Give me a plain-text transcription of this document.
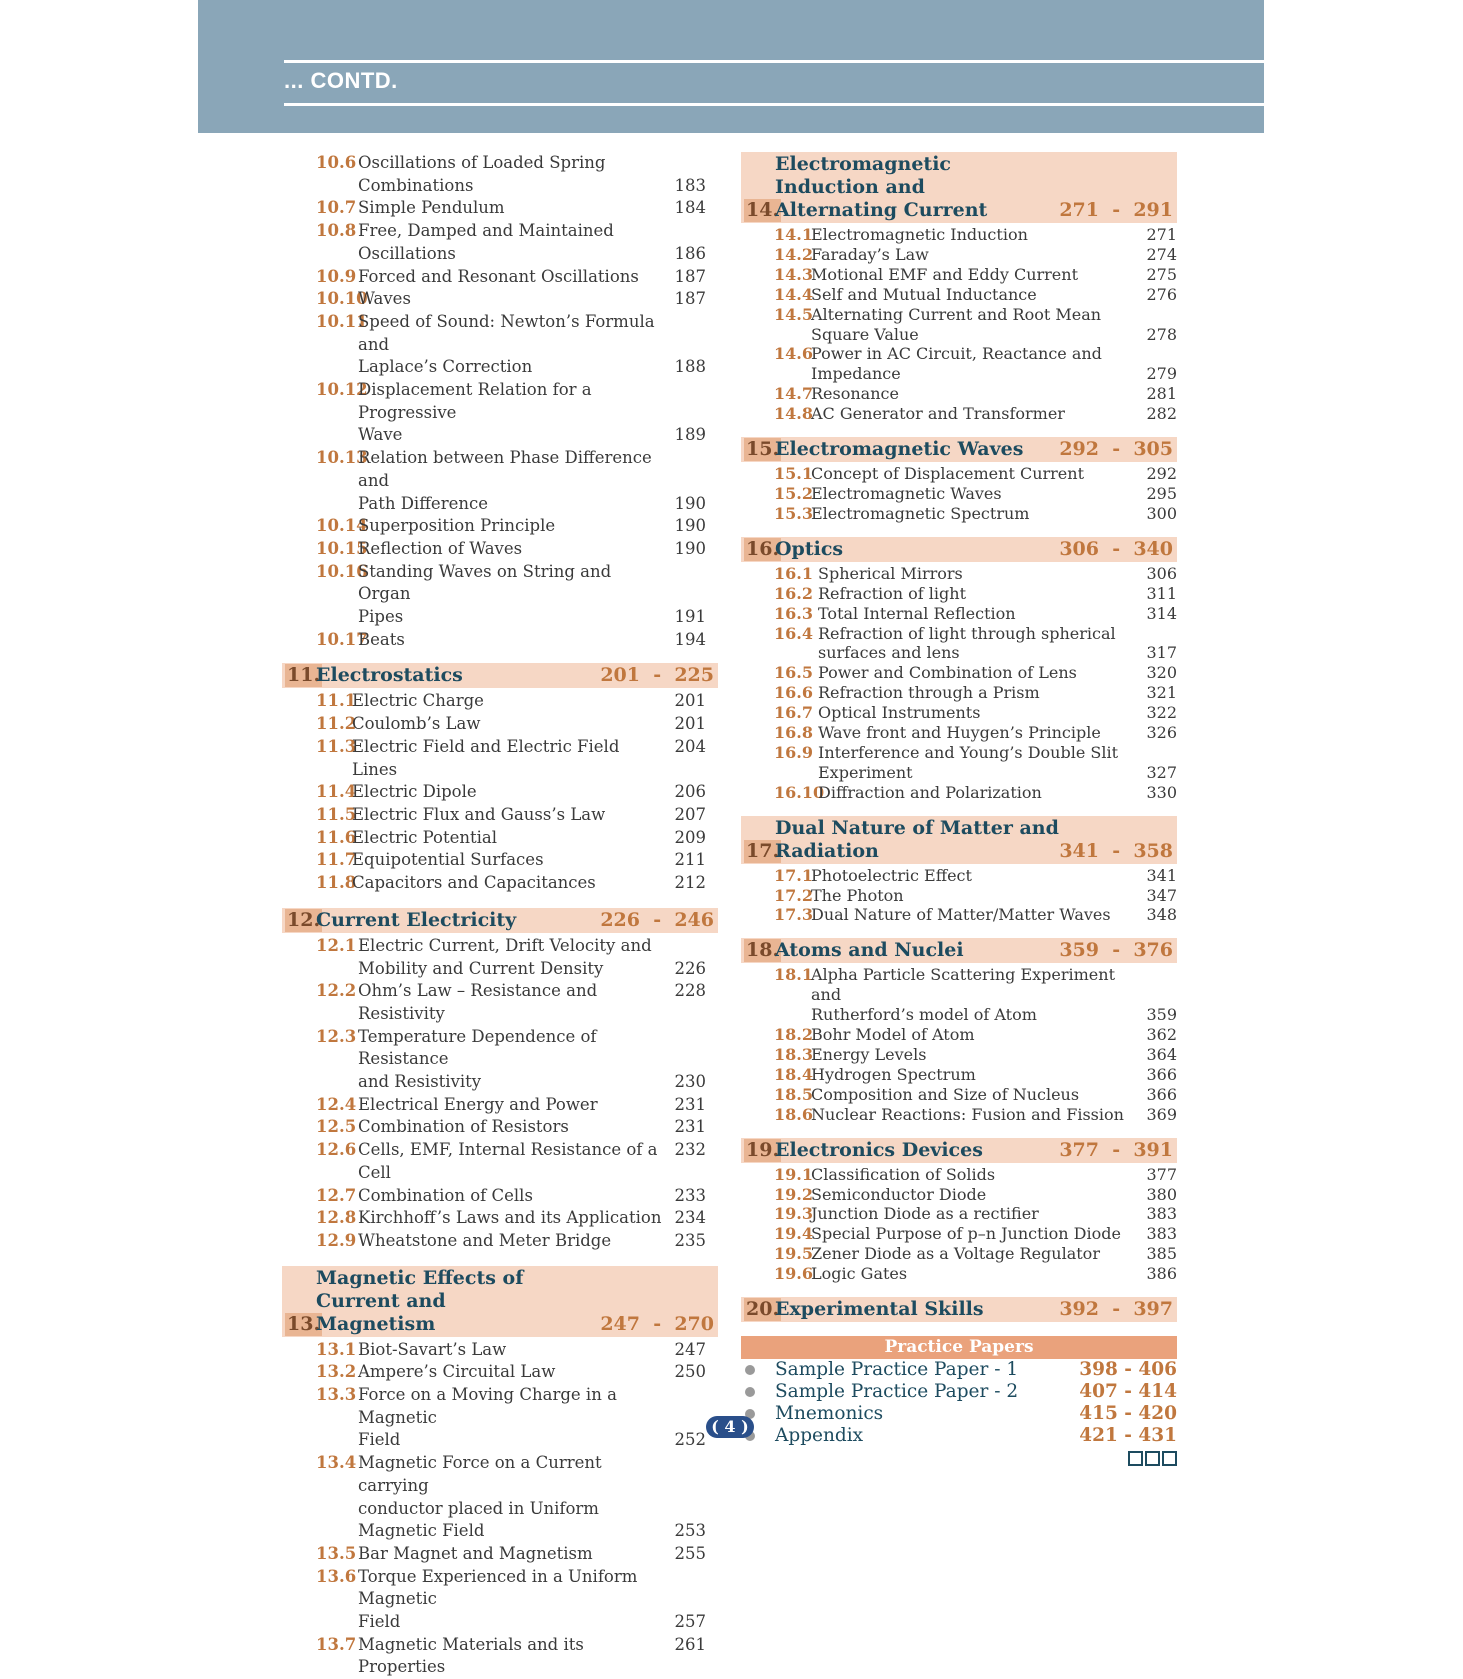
... CONTD.
10.6 Oscillations of Loaded Spring
Combinations	183
10.7 Simple Pendulum	184
10.8 Free, Damped and Maintained
Oscillations	186
10.9 Forced and Resonant Oscillations	187
10.10
Waves	187
10.11
Speed of Sound: Newton’s Formula and
Laplace’s Correction	188
10.12
Displacement Relation for a Progressive
Wave	189
10.13
Relation between Phase Difference and
Path Difference	190
10.14
Superposition Principle	190
10.15
Reflection of Waves	190
10.16
Standing Waves on String and Organ
Pipes	191
10.17
Beats	194
11.
Electrostatics	201  -  225
11.1
Electric Charge	201
11.2
Coulomb’s Law	201
11.3
Electric Field and Electric Field Lines
204
11.4
Electric Dipole	206
11.5
Electric Flux and Gauss’s Law	207
11.6
Electric Potential	209
11.7
Equipotential Surfaces	211
11.8
Capacitors and Capacitances	212
12.
Current Electricity	226  -  246
12.1 Electric Current, Drift Velocity and
Mobility and Current Density	226
12.2 Ohm’s Law – Resistance and Resistivity
228
12.3 Temperature Dependence of Resistance
and Resistivity	230
12.4 Electrical Energy and Power	231
12.5 Combination of Resistors	231
12.6 Cells, EMF, Internal Resistance of a Cell
232
12.7 Combination of Cells	233
12.8 Kirchhoff’s Laws and its Application 234
12.9 Wheatstone and Meter Bridge	235
13.
Magnetic Effects of Current and
Magnetism	247  -  270
13.1 Biot-Savart’s Law	247
13.2 Ampere’s Circuital Law	250
13.3 Force on a Moving Charge in a Magnetic
Field	252
13.4 Magnetic Force on a Current carrying
conductor placed in Uniform
Magnetic Field	253
13.5 Bar Magnet and Magnetism	255
13.6 Torque Experienced in a Uniform Magnetic
Field	257
13.7 Magnetic Materials and its Properties
261
14.
Electromagnetic Induction and
Alternating Current	271  -  291
14.1
Electromagnetic Induction	271
14.2
Faraday’s Law	274
14.3
Motional EMF and Eddy Current	275
14.4
Self and Mutual Inductance	276
14.5
Alternating Current and Root Mean
Square Value	278
14.6
Power in AC Circuit, Reactance and
Impedance	279
14.7
Resonance	281
14.8
AC Generator and Transformer	282
15.
Electromagnetic Waves	292  -  305
15.1
Concept of Displacement Current	292
15.2
Electromagnetic Waves	295
15.3
Electromagnetic Spectrum	300
16.
Optics	306  -  340
16.1 Spherical Mirrors	306
16.2 Refraction of light	311
16.3 Total Internal Reflection	314
16.4 Refraction of light through spherical
surfaces and lens	317
16.5 Power and Combination of Lens	320
16.6 Refraction through a Prism	321
16.7 Optical Instruments	322
16.8 Wave front and Huygen’s Principle	326
16.9 Interference and Young’s Double Slit
Experiment	327
16.10
Diffraction and Polarization	330
17.
Dual Nature of Matter and
Radiation	341  -  358
17.1
Photoelectric Effect	341
17.2
The Photon	347
17.3
Dual Nature of Matter/Matter Waves	348
18.
Atoms and Nuclei	359  -  376
18.1
Alpha Particle Scattering Experiment and
Rutherford’s model of Atom	359
18.2
Bohr Model of Atom	362
18.3
Energy Levels	364
18.4
Hydrogen Spectrum	366
18.5
Composition and Size of Nucleus	366
18.6
Nuclear Reactions: Fusion and Fission	369
19.
Electronics Devices	377  -  391
19.1
Classification of Solids	377
19.2
Semiconductor Diode	380
19.3
Junction Diode as a rectifier	383
19.4
Special Purpose of p–n Junction Diode	383
19.5
Zener Diode as a Voltage Regulator	385
19.6
Logic Gates	386
20.
Experimental Skills	392  -  397
Practice Papers
Sample Practice Paper - 1	398 - 406
Sample Practice Paper - 2	407 - 414
Mnemonics	415 - 420
Appendix	421 - 431
( 4 )
